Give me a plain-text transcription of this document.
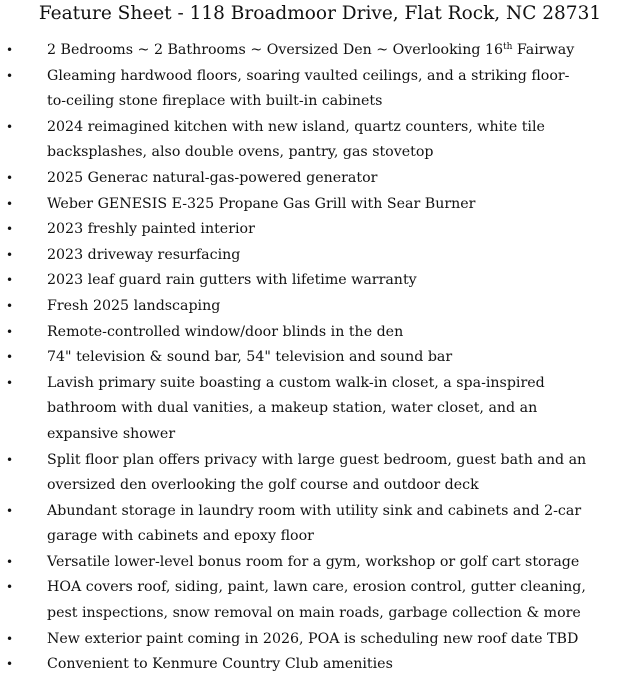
Feature Sheet - 118 Broadmoor Drive, Flat Rock, NC 28731
• 2 Bedrooms ~ 2 Bathrooms ~ Oversized Den ~ Overlooking 16th Fairway
• Gleaming hardwood floors, soaring vaulted ceilings, and a striking floor-
to-ceiling stone fireplace with built-in cabinets
• 2024 reimagined kitchen with new island, quartz counters, white tile
backsplashes, also double ovens, pantry, gas stovetop
• 2025 Generac natural-gas-powered generator
• Weber GENESIS E-325 Propane Gas Grill with Sear Burner
• 2023 freshly painted interior
• 2023 driveway resurfacing
• 2023 leaf guard rain gutters with lifetime warranty
• Fresh 2025 landscaping
• Remote-controlled window/door blinds in the den
• 74" television & sound bar, 54" television and sound bar
• Lavish primary suite boasting a custom walk-in closet, a spa-inspired
bathroom with dual vanities, a makeup station, water closet, and an
expansive shower
• Split floor plan offers privacy with large guest bedroom, guest bath and an
oversized den overlooking the golf course and outdoor deck
• Abundant storage in laundry room with utility sink and cabinets and 2-car
garage with cabinets and epoxy floor
• Versatile lower-level bonus room for a gym, workshop or golf cart storage
• HOA covers roof, siding, paint, lawn care, erosion control, gutter cleaning,
pest inspections, snow removal on main roads, garbage collection & more
• New exterior paint coming in 2026, POA is scheduling new roof date TBD
• Convenient to Kenmure Country Club amenities
